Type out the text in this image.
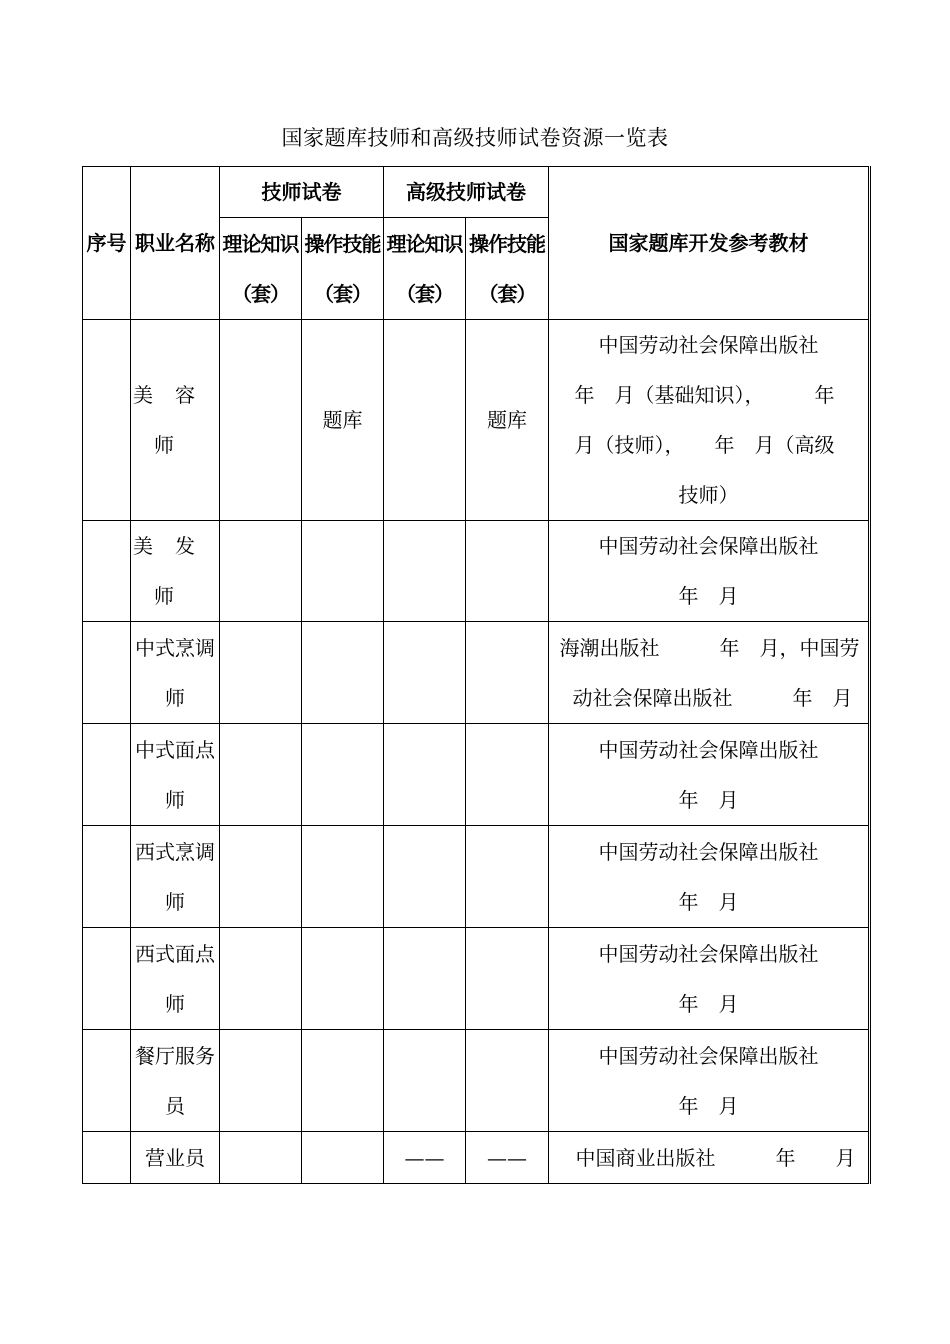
国家题库技师和高级技师试卷资源一览表
序号	职业名称	技师试卷		高级技师试卷		国家题库开发参考教材
		理论知识（套）	操作技能（套）	理论知识（套）	操作技能（套）	

	美容师		题库		题库	中国劳动社会保障出版社
年　月（基础知识），　　　年
月（技师），　　年　月（高级
技师）

	美发师					中国劳动社会保障出版社
年　月

	中式烹调师					海潮出版社　　　年　月，中国劳
动社会保障出版社　　　年　月

	中式面点师					中国劳动社会保障出版社
年　月

	西式烹调师					中国劳动社会保障出版社
年　月

	西式面点师					中国劳动社会保障出版社
年　月

	餐厅服务员					中国劳动社会保障出版社
年　月

	营业员			——	——	中国商业出版社　　　年　　月
